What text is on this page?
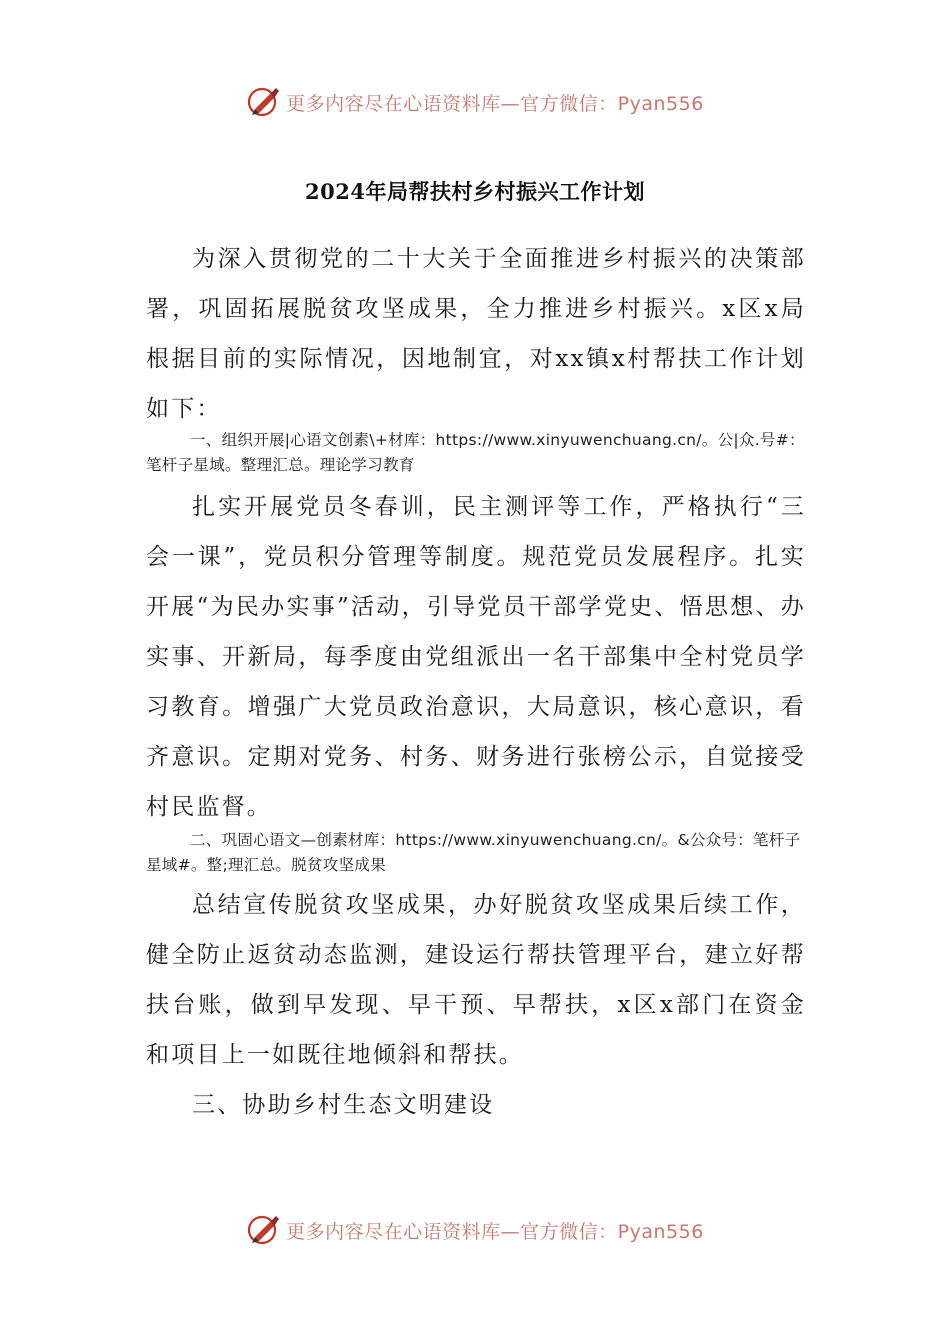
更多内容尽在心语资料库—官方微信：Pyan556
2024年局帮扶村乡村振兴工作计划

为深入贯彻党的二十大关于全面推进乡村振兴的决策部署，巩固拓展脱贫攻坚成果，全力推进乡村振兴。x区x局根据目前的实际情况，因地制宜，对xx镇x村帮扶工作计划如下：

一、组织开展|心语文创素\+材库：https://www.xinyuwenchuang.cn/。公|众.号#：笔杆子星域。整理汇总。理论学习教育

扎实开展党员冬春训，民主测评等工作，严格执行“三会一课”，党员积分管理等制度。规范党员发展程序。扎实开展“为民办实事”活动，引导党员干部学党史、悟思想、办实事、开新局，每季度由党组派出一名干部集中全村党员学习教育。增强广大党员政治意识，大局意识，核心意识，看齐意识。定期对党务、村务、财务进行张榜公示，自觉接受村民监督。

二、巩固心语文—创素材库：https://www.xinyuwenchuang.cn/。&公众号：笔杆子星域#。整;理汇总。脱贫攻坚成果

总结宣传脱贫攻坚成果，办好脱贫攻坚成果后续工作，健全防止返贫动态监测，建设运行帮扶管理平台，建立好帮扶台账，做到早发现、早干预、早帮扶，x区x部门在资金和项目上一如既往地倾斜和帮扶。

三、协助乡村生态文明建设

更多内容尽在心语资料库—官方微信：Pyan556
